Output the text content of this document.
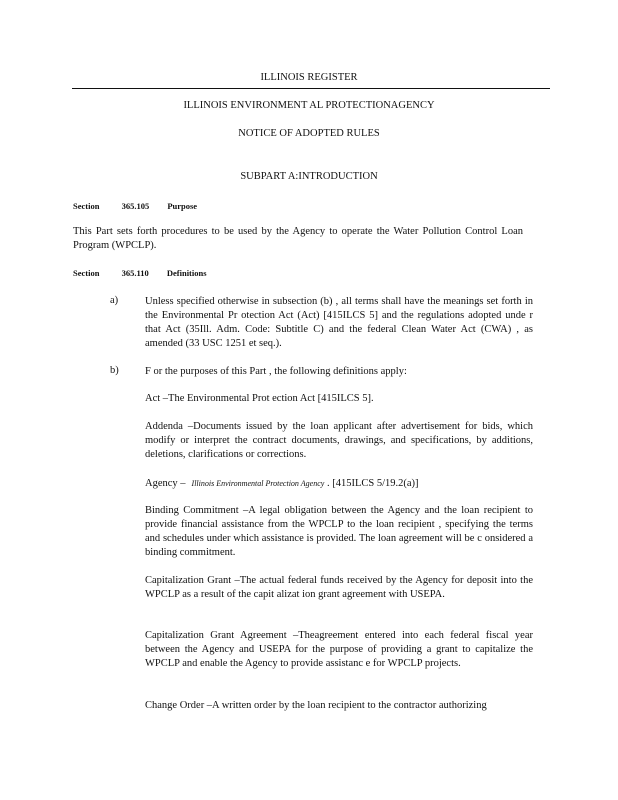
ILLINOIS REGISTER
ILLINOIS ENVIRONMENT AL PROTECTIONAGENCY
NOTICE OF ADOPTED RULES
SUBPART A:INTRODUCTION
Section	365.105 Purpose
This Part sets forth procedures to be used by the Agency to operate the Water Pollution Control Loan Program (WPCLP).
Section	365.110 Definitions
a)	Unless specified otherwise in subsection (b) , all terms shall have the meanings set forth in the Environmental Pr otection Act (Act) [415ILCS 5] and the regulations adopted unde r that Act (35Ill. Adm. Code: Subtitle C) and the federal Clean Water Act (CWA) , as amended (33 USC 1251 et seq.).
b)	F or the purposes of this Part , the following definitions apply:
Act –The Environmental Prot ection Act [415ILCS 5].
Addenda –Documents issued by the loan applicant after advertisement for bids, which modify or interpret the contract documents, drawings, and specifications, by additions, deletions, clarifications or corrections.
Agency – Illinois Environmental Protection Agency . [415ILCS 5/19.2(a)]
Binding Commitment –A legal obligation between the Agency and the loan recipient to provide financial assistance from the WPCLP to the loan recipient , specifying the terms and schedules under which assistance is provided. The loan agreement will be c onsidered a binding commitment.
Capitalization Grant –The actual federal funds received by the Agency for deposit into the WPCLP as a result of the capit alizat ion grant agreement with USEPA.
Capitalization Grant Agreement –Theagreement entered into each federal fiscal year between the Agency and USEPA for the purpose of providing a grant to capitalize the WPCLP and enable the Agency to provide assistanc e for WPCLP projects.
Change Order –A written order by the loan recipient to the contractor authorizing
